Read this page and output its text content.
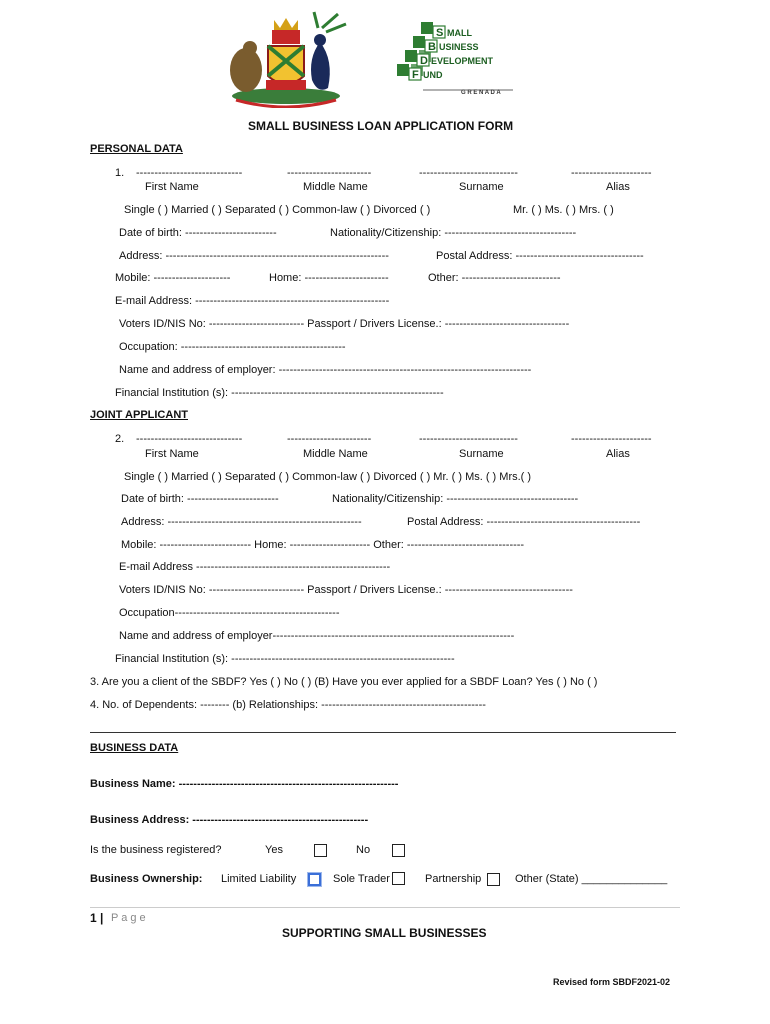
S MALL
B USINESS
D EVELOPMENT
F UND
G R E N A D A
SMALL BUSINESS LOAN APPLICATION FORM
PERSONAL DATA
1. -----------------------------	-----------------------	---------------------------	----------------------
First Name	Middle Name	Surname	Alias
Single ( ) Married ( ) Separated ( ) Common-law ( ) Divorced ( )	Mr. ( ) Ms. ( ) Mrs. ( )
Date of birth: -------------------------	Nationality/Citizenship: ------------------------------------
Address: -------------------------------------------------------------	Postal Address: -----------------------------------
Mobile: ---------------------	Home: -----------------------	Other: ---------------------------
E-mail Address: -----------------------------------------------------
Voters ID/NIS No: -------------------------- Passport / Drivers License.: ----------------------------------
Occupation: ---------------------------------------------
Name and address of employer: ---------------------------------------------------------------------
Financial Institution (s): ----------------------------------------------------------
JOINT APPLICANT
2. -----------------------------	-----------------------	---------------------------	----------------------
First Name	Middle Name	Surname	Alias
Single ( ) Married ( ) Separated ( ) Common-law ( ) Divorced ( ) Mr. ( ) Ms. ( ) Mrs.( )
Date of birth: -------------------------	Nationality/Citizenship: ------------------------------------
Address: -----------------------------------------------------	Postal Address: ------------------------------------------
Mobile: ------------------------- Home: ---------------------- Other: --------------------------------
E-mail Address -----------------------------------------------------
Voters ID/NIS No: -------------------------- Passport / Drivers License.: -----------------------------------
Occupation---------------------------------------------
Name and address of employer------------------------------------------------------------------
Financial Institution (s): -------------------------------------------------------------
3. Are you a client of the SBDF? Yes ( ) No ( ) (B) Have you ever applied for a SBDF Loan? Yes ( ) No ( )
4. No. of Dependents: -------- (b) Relationships: ---------------------------------------------
BUSINESS DATA
Business Name: ------------------------------------------------------------
Business Address: ------------------------------------------------
Is the business registered?	Yes	No
Business Ownership: Limited Liability	Sole Trader	Partnership	Other (State) ______________
1 | P a g e
SUPPORTING SMALL BUSINESSES
Revised form SBDF2021-02
